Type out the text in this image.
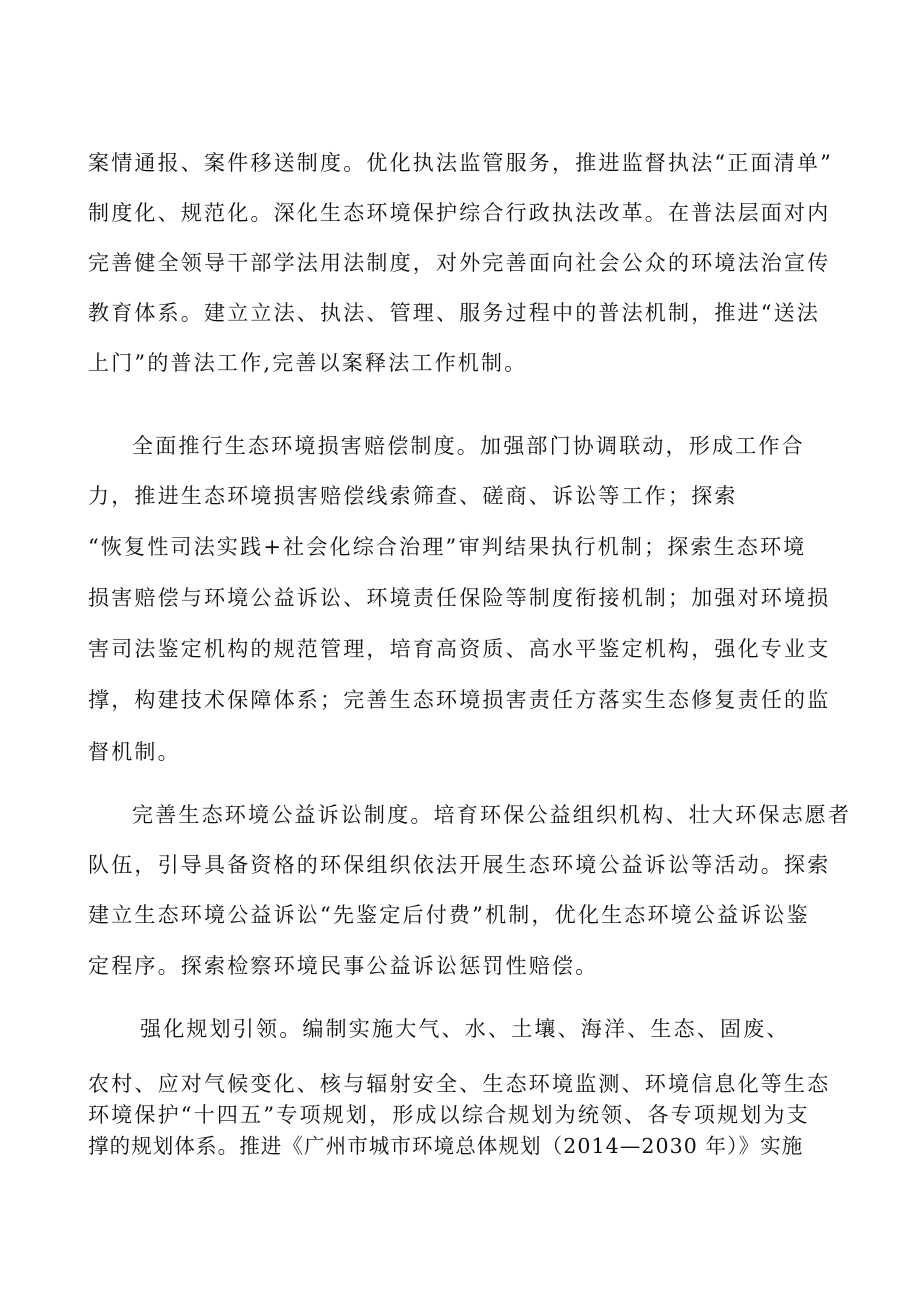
案情通报、案件移送制度。优化执法监管服务，推进监督执法“正面清单”
制度化、规范化。深化生态环境保护综合行政执法改革。在普法层面对内
完善健全领导干部学法用法制度，对外完善面向社会公众的环境法治宣传
教育体系。建立立法、执法、管理、服务过程中的普法机制，推进“送法
上门”的普法工作,完善以案释法工作机制。
全面推行生态环境损害赔偿制度。加强部门协调联动，形成工作合
力，推进生态环境损害赔偿线索筛查、磋商、诉讼等工作；探索
“恢复性司法实践+社会化综合治理”审判结果执行机制；探索生态环境
损害赔偿与环境公益诉讼、环境责任保险等制度衔接机制；加强对环境损
害司法鉴定机构的规范管理，培育高资质、高水平鉴定机构，强化专业支
撑，构建技术保障体系；完善生态环境损害责任方落实生态修复责任的监
督机制。
完善生态环境公益诉讼制度。培育环保公益组织机构、壮大环保志愿者
队伍，引导具备资格的环保组织依法开展生态环境公益诉讼等活动。探索
建立生态环境公益诉讼“先鉴定后付费”机制，优化生态环境公益诉讼鉴
定程序。探索检察环境民事公益诉讼惩罚性赔偿。
强化规划引领。编制实施大气、水、土壤、海洋、生态、固废、
农村、应对气候变化、核与辐射安全、生态环境监测、环境信息化等生态
环境保护“十四五”专项规划，形成以综合规划为统领、各专项规划为支
撑的规划体系。推进《广州市城市环境总体规划（2014—2030 年）》实施
